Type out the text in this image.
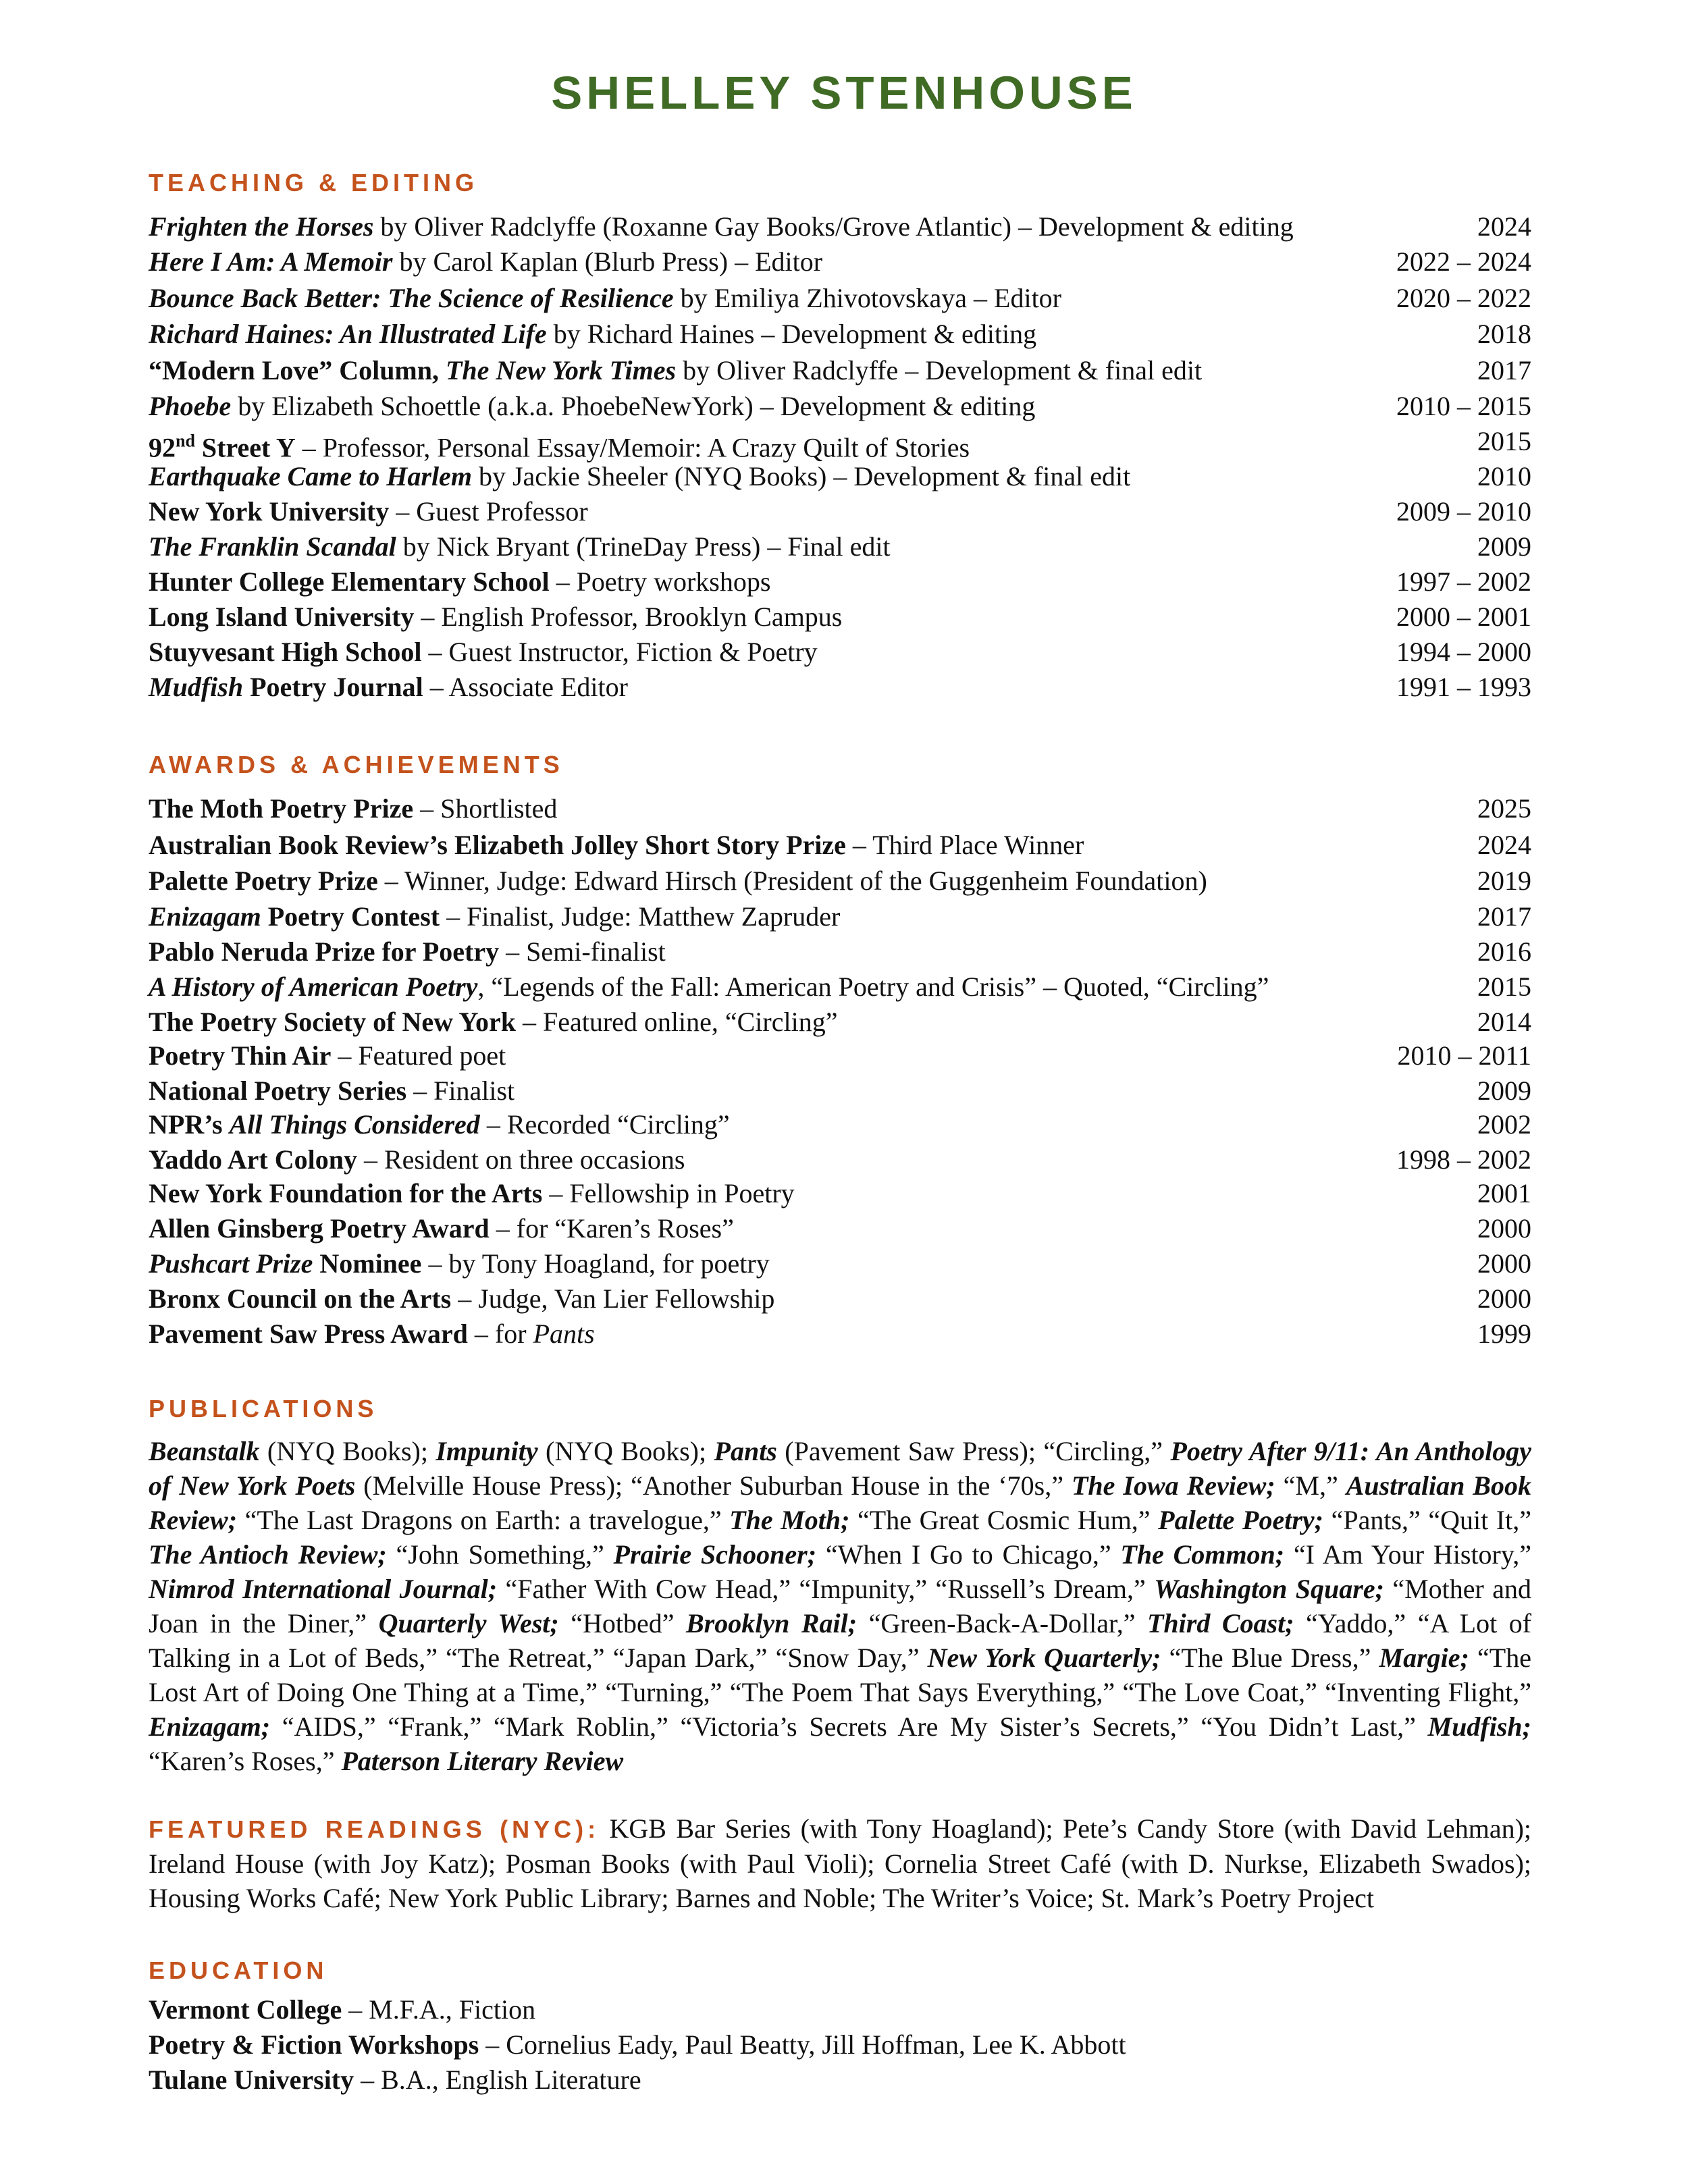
SHELLEY STENHOUSE
TEACHING & EDITING
Frighten the Horses by Oliver Radclyffe (Roxanne Gay Books/Grove Atlantic) – Development & editing	2024
Here I Am: A Memoir by Carol Kaplan (Blurb Press) – Editor	2022 – 2024
Bounce Back Better: The Science of Resilience by Emiliya Zhivotovskaya – Editor	2020 – 2022
Richard Haines: An Illustrated Life by Richard Haines – Development & editing	2018
“Modern Love” Column, The New York Times by Oliver Radclyffe – Development & final edit	2017
Phoebe by Elizabeth Schoettle (a.k.a. PhoebeNewYork) – Development & editing	2010 – 2015
92nd Street Y – Professor, Personal Essay/Memoir: A Crazy Quilt of Stories	2015
Earthquake Came to Harlem by Jackie Sheeler (NYQ Books) – Development & final edit	2010
New York University – Guest Professor	2009 – 2010
The Franklin Scandal by Nick Bryant (TrineDay Press) – Final edit	2009
Hunter College Elementary School – Poetry workshops	1997 – 2002
Long Island University – English Professor, Brooklyn Campus	2000 – 2001
Stuyvesant High School – Guest Instructor, Fiction & Poetry	1994 – 2000
Mudfish Poetry Journal – Associate Editor	1991 – 1993
AWARDS & ACHIEVEMENTS
The Moth Poetry Prize – Shortlisted	2025
Australian Book Review’s Elizabeth Jolley Short Story Prize – Third Place Winner	2024
Palette Poetry Prize – Winner, Judge: Edward Hirsch (President of the Guggenheim Foundation)	2019
Enizagam Poetry Contest – Finalist, Judge: Matthew Zapruder	2017
Pablo Neruda Prize for Poetry – Semi-finalist	2016
A History of American Poetry, “Legends of the Fall: American Poetry and Crisis” – Quoted, “Circling”	2015
The Poetry Society of New York – Featured online, “Circling”	2014
Poetry Thin Air – Featured poet	2010 – 2011
National Poetry Series – Finalist	2009
NPR’s All Things Considered – Recorded “Circling”	2002
Yaddo Art Colony – Resident on three occasions	1998 – 2002
New York Foundation for the Arts – Fellowship in Poetry	2001
Allen Ginsberg Poetry Award – for “Karen’s Roses”	2000
Pushcart Prize Nominee – by Tony Hoagland, for poetry	2000
Bronx Council on the Arts – Judge, Van Lier Fellowship	2000
Pavement Saw Press Award – for Pants	1999
PUBLICATIONS
Beanstalk (NYQ Books); Impunity (NYQ Books); Pants (Pavement Saw Press); “Circling,” Poetry After 9/11: An Anthology of New York Poets (Melville House Press); “Another Suburban House in the ‘70s,” The Iowa Review; “M,” Australian Book Review; “The Last Dragons on Earth: a travelogue,” The Moth; “The Great Cosmic Hum,” Palette Poetry; “Pants,” “Quit It,” The Antioch Review; “John Something,” Prairie Schooner; “When I Go to Chicago,” The Common; “I Am Your History,” Nimrod International Journal; “Father With Cow Head,” “Impunity,” “Russell’s Dream,” Washington Square; “Mother and Joan in the Diner,” Quarterly West; “Hotbed” Brooklyn Rail; “Green-Back-A-Dollar,” Third Coast; “Yaddo,” “A Lot of Talking in a Lot of Beds,” “The Retreat,” “Japan Dark,” “Snow Day,” New York Quarterly; “The Blue Dress,” Margie; “The Lost Art of Doing One Thing at a Time,” “Turning,” “The Poem That Says Everything,” “The Love Coat,” “Inventing Flight,” Enizagam; “AIDS,” “Frank,” “Mark Roblin,” “Victoria’s Secrets Are My Sister’s Secrets,” “You Didn’t Last,” Mudfish; “Karen’s Roses,” Paterson Literary Review
FEATURED READINGS (NYC): KGB Bar Series (with Tony Hoagland); Pete’s Candy Store (with David Lehman); Ireland House (with Joy Katz); Posman Books (with Paul Violi); Cornelia Street Café (with D. Nurkse, Elizabeth Swados); Housing Works Café; New York Public Library; Barnes and Noble; The Writer’s Voice; St. Mark’s Poetry Project
EDUCATION
Vermont College – M.F.A., Fiction
Poetry & Fiction Workshops – Cornelius Eady, Paul Beatty, Jill Hoffman, Lee K. Abbott
Tulane University – B.A., English Literature
